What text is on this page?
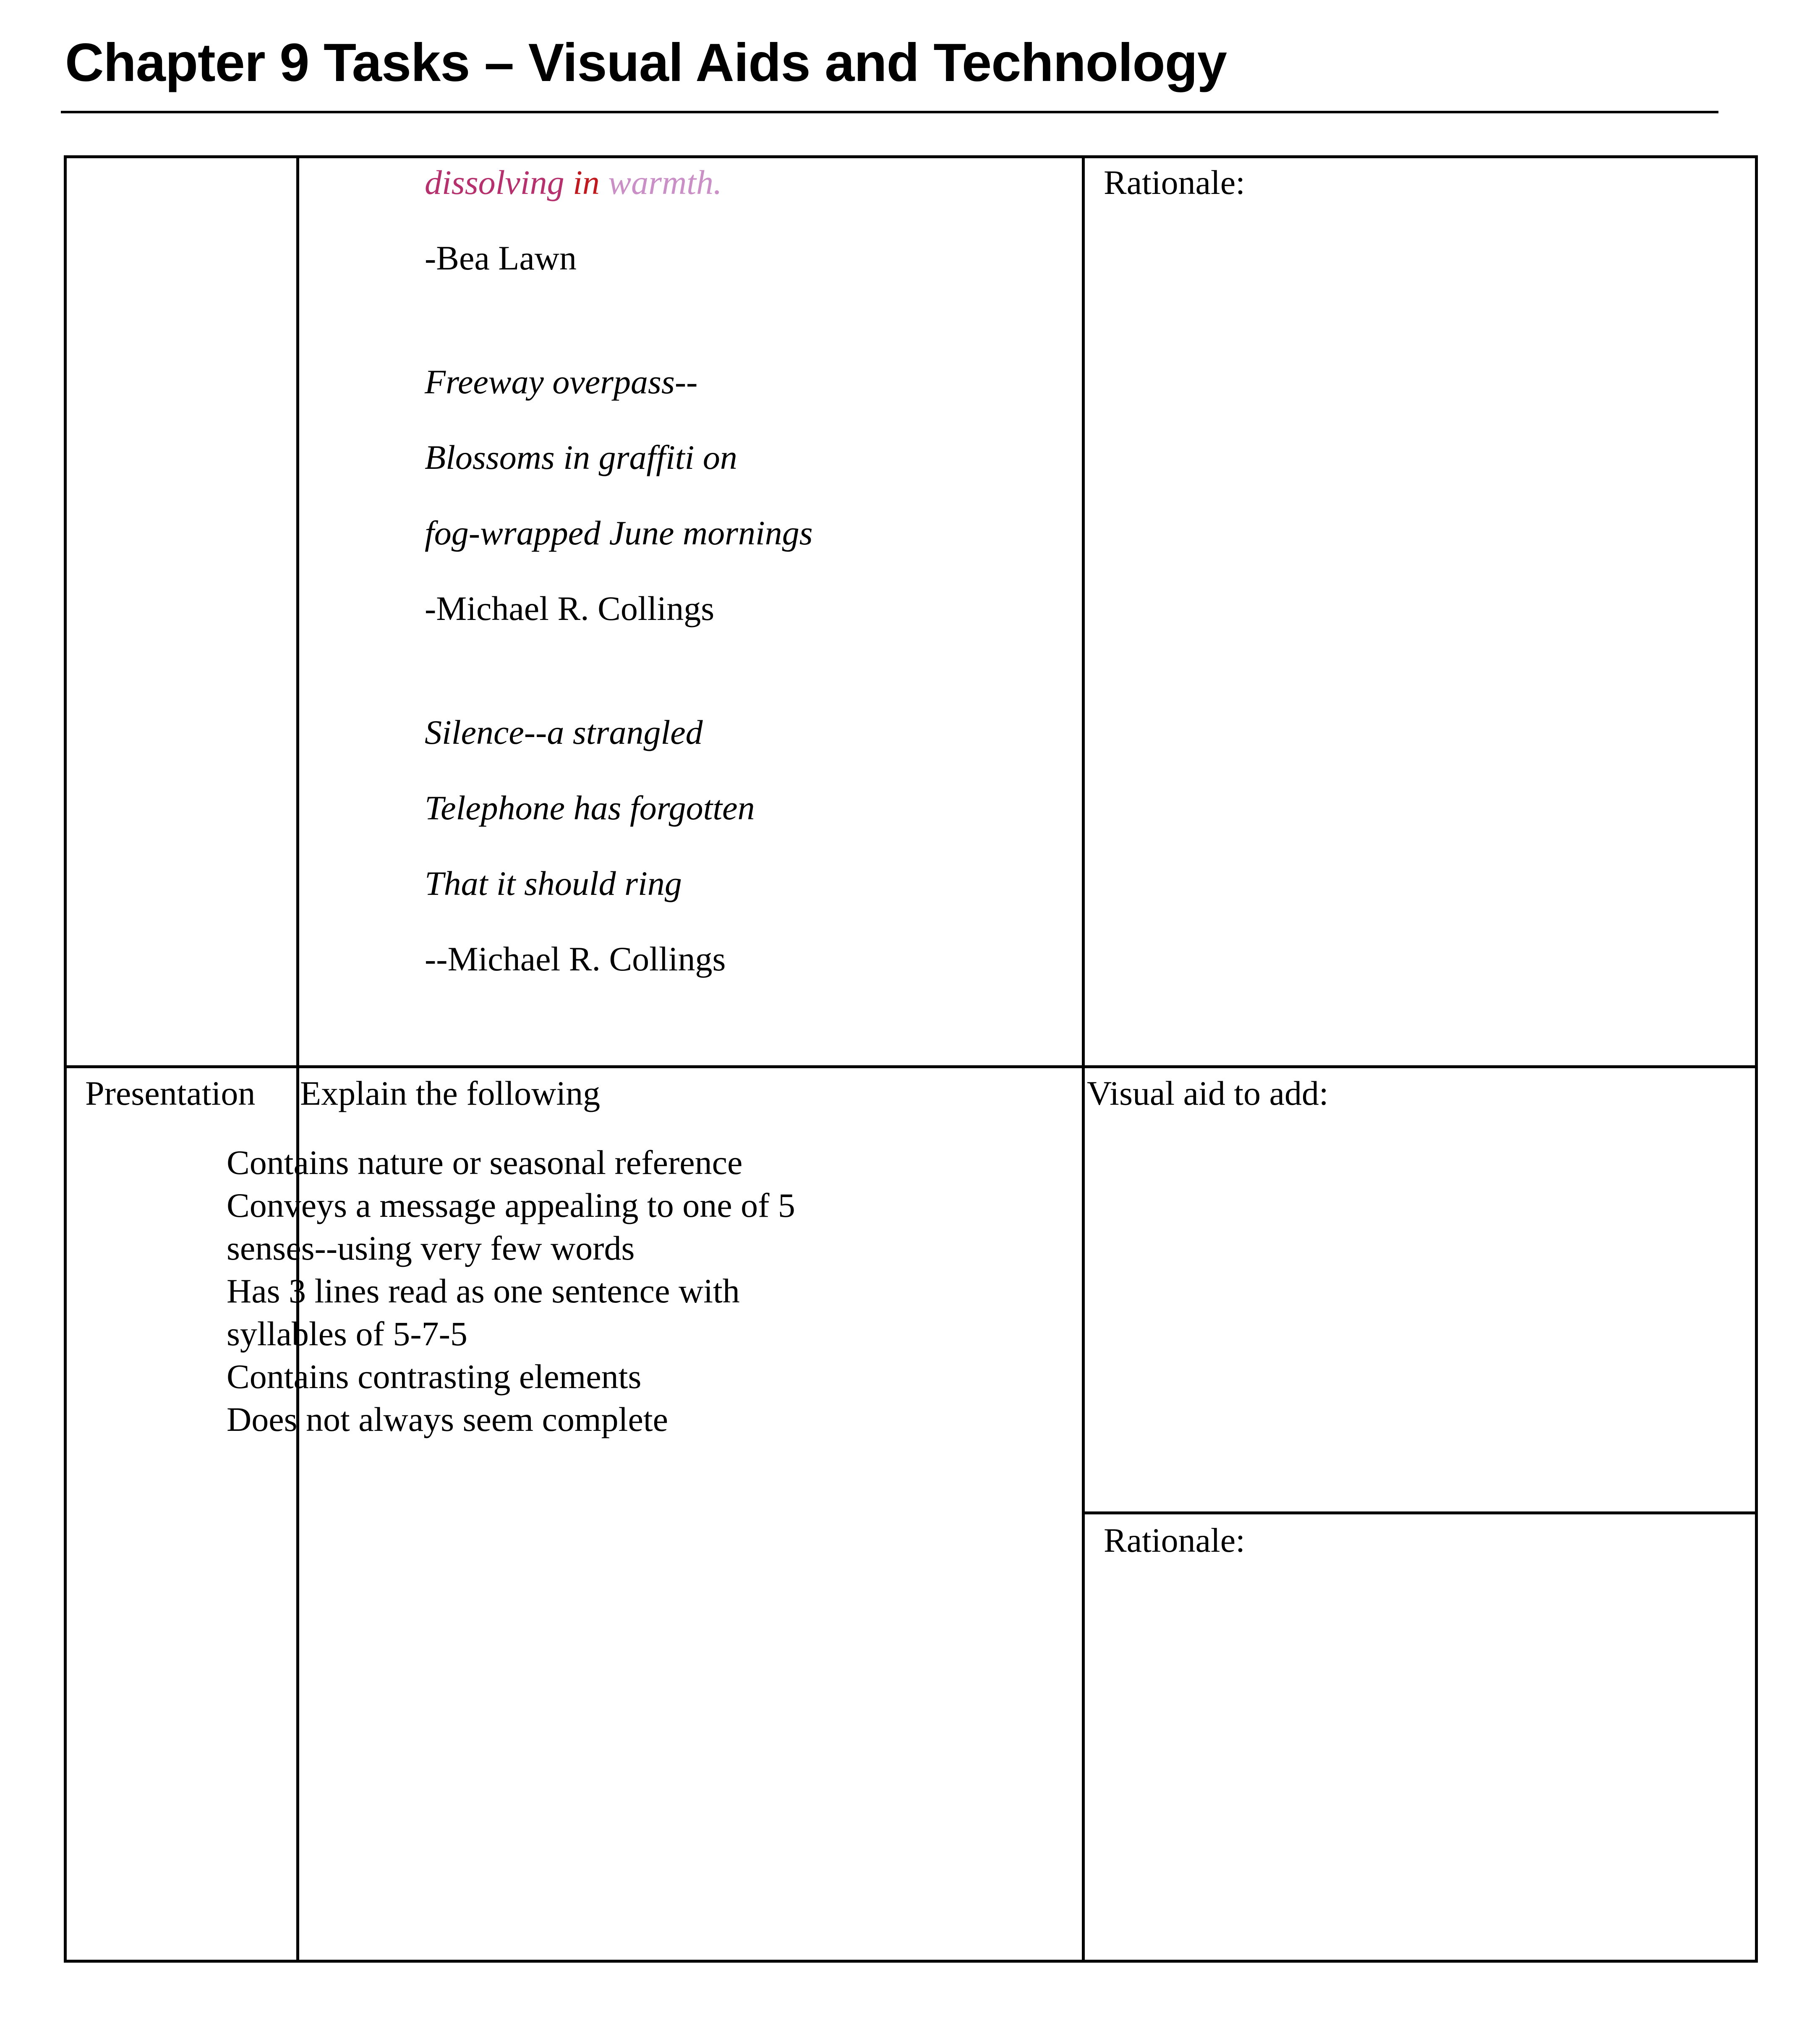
Chapter 9 Tasks – Visual Aids and Technology
dissolving in warmth.
-Bea Lawn
Freeway overpass--
Blossoms in graffiti on
fog-wrapped June mornings
-Michael R. Collings
Silence--a strangled
Telephone has forgotten
That it should ring
--Michael R. Collings
Rationale:
Presentation Explain the following
Contains nature or seasonal reference
Conveys a message appealing to one of 5
senses--using very few words
Has 3 lines read as one sentence with
syllables of 5-7-5
Contains contrasting elements
Does not always seem complete
Visual aid to add:
Rationale:
